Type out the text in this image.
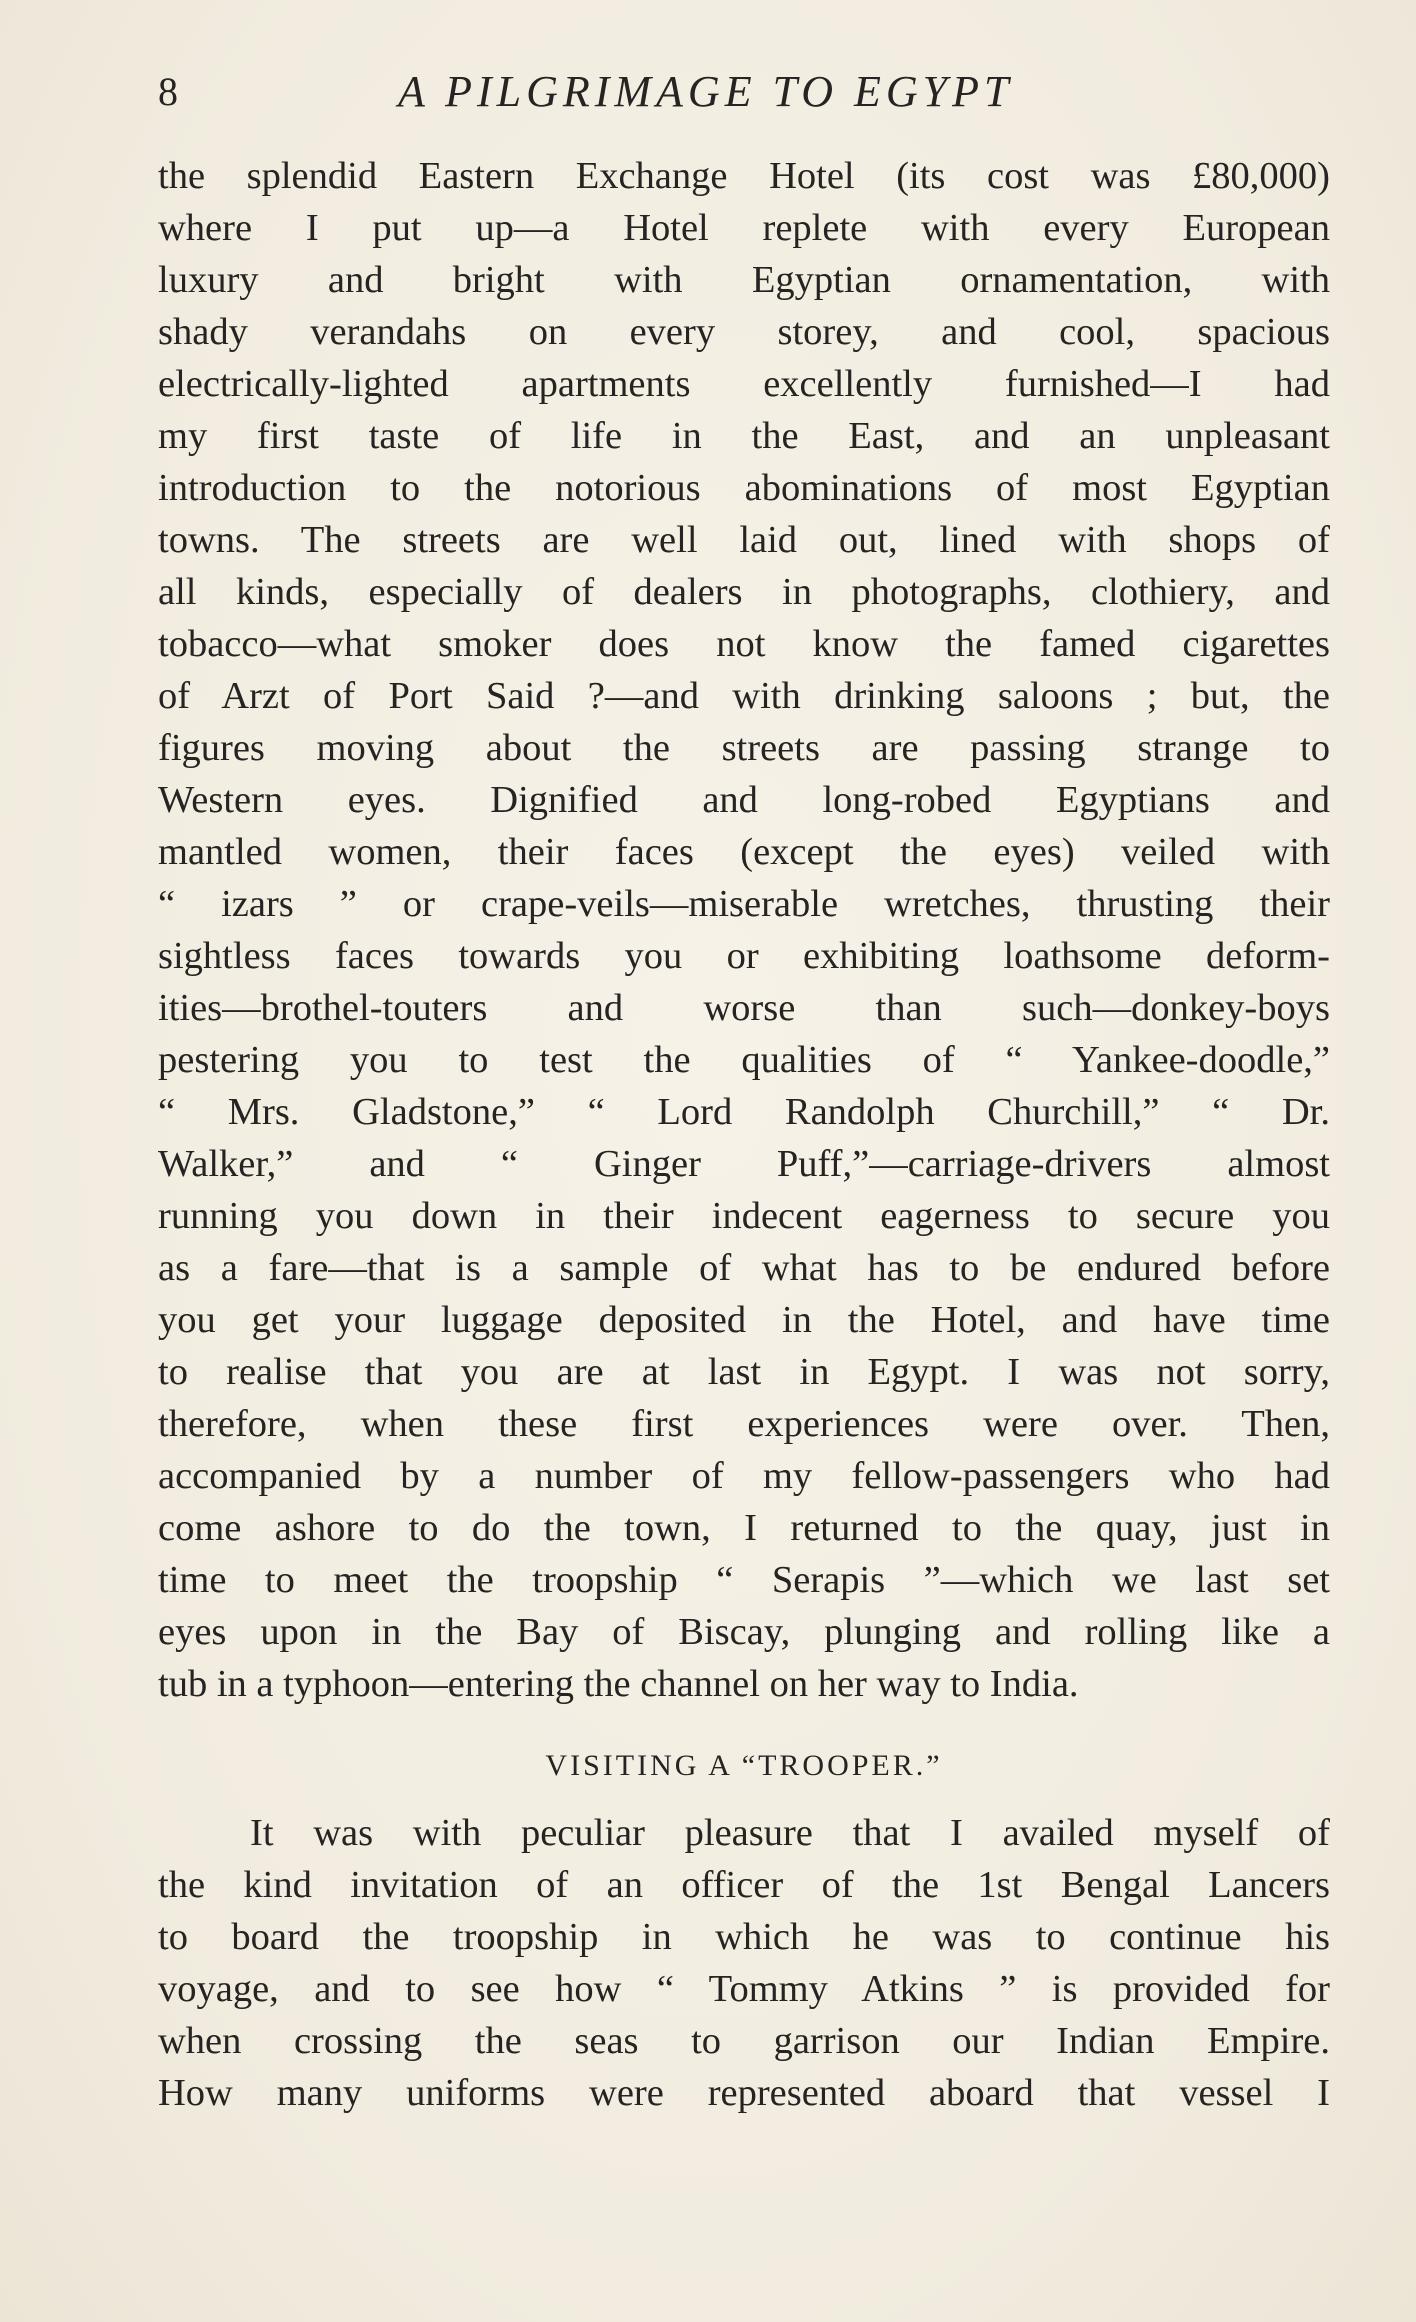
8	A PILGRIMAGE TO EGYPT
the splendid Eastern Exchange Hotel (its cost was £80,000)
where I put up—a Hotel replete with every European
luxury and bright with Egyptian ornamentation, with
shady verandahs on every storey, and cool, spacious
electrically-lighted apartments excellently furnished—I had
my first taste of life in the East, and an unpleasant
introduction to the notorious abominations of most Egyptian
towns. The streets are well laid out, lined with shops of
all kinds, especially of dealers in photographs, clothiery, and
tobacco—what smoker does not know the famed cigarettes
of Arzt of Port Said ?—and with drinking saloons ; but, the
figures moving about the streets are passing strange to
Western eyes. Dignified and long-robed Egyptians and
mantled women, their faces (except the eyes) veiled with
“ izars ” or crape-veils—miserable wretches, thrusting their
sightless faces towards you or exhibiting loathsome deform-
ities—brothel-touters and worse than such—donkey-boys
pestering you to test the qualities of “ Yankee-doodle,”
“ Mrs. Gladstone,” “ Lord Randolph Churchill,” “ Dr.
Walker,” and “ Ginger Puff,”—carriage-drivers almost
running you down in their indecent eagerness to secure you
as a fare—that is a sample of what has to be endured before
you get your luggage deposited in the Hotel, and have time
to realise that you are at last in Egypt. I was not sorry,
therefore, when these first experiences were over. Then,
accompanied by a number of my fellow-passengers who had
come ashore to do the town, I returned to the quay, just in
time to meet the troopship “ Serapis ”—which we last set
eyes upon in the Bay of Biscay, plunging and rolling like a
tub in a typhoon—entering the channel on her way to India.
VISITING A “TROOPER.”
It was with peculiar pleasure that I availed myself of
the kind invitation of an officer of the 1st Bengal Lancers
to board the troopship in which he was to continue his
voyage, and to see how “ Tommy Atkins ” is provided for
when crossing the seas to garrison our Indian Empire.
How many uniforms were represented aboard that vessel I
